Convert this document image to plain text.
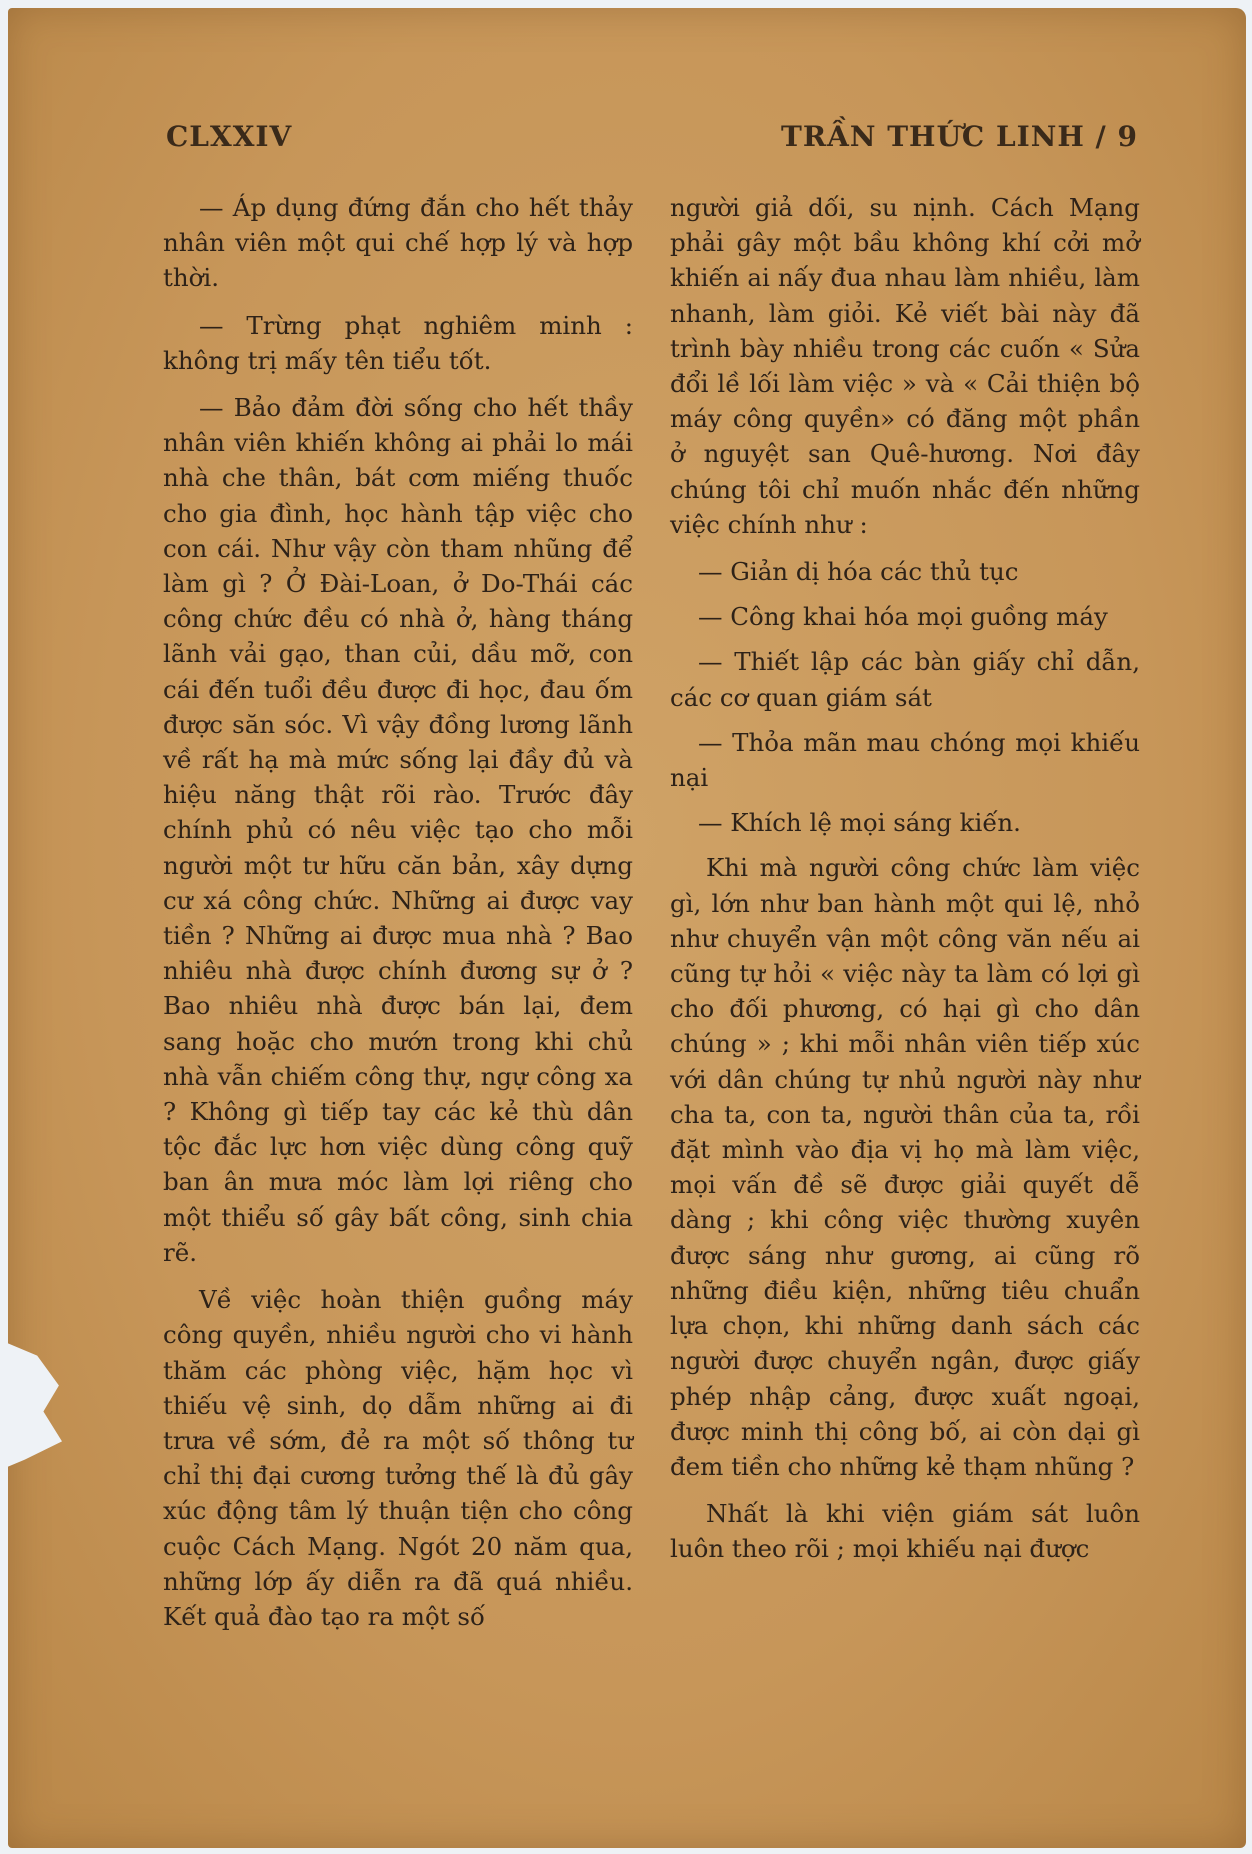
CLXXIV	TRẦN THỨC LINH / 9

— Áp dụng đứng đắn cho hết thảy nhân viên một qui chế hợp lý và hợp thời.

— Trừng phạt nghiêm minh : không trị mấy tên tiểu tốt.

— Bảo đảm đời sống cho hết thầy nhân viên khiến không ai phải lo mái nhà che thân, bát cơm miếng thuốc cho gia đình, học hành tập việc cho con cái. Như vậy còn tham nhũng để làm gì ? Ở Đài-Loan, ở Do-Thái các công chức đều có nhà ở, hàng tháng lãnh vải gạo, than củi, dầu mỡ, con cái đến tuổi đều được đi học, đau ốm được săn sóc. Vì vậy đồng lương lãnh về rất hạ mà mức sống lại đầy đủ và hiệu năng thật rõi rào. Trước đây chính phủ có nêu việc tạo cho mỗi người một tư hữu căn bản, xây dựng cư xá công chức. Những ai được vay tiền ? Những ai được mua nhà ? Bao nhiêu nhà được chính đương sự ở ? Bao nhiêu nhà được bán lại, đem sang hoặc cho mướn trong khi chủ nhà vẫn chiếm công thự, ngự công xa ? Không gì tiếp tay các kẻ thù dân tộc đắc lực hơn việc dùng công quỹ ban ân mưa móc làm lợi riêng cho một thiểu số gây bất công, sinh chia rẽ.

Về việc hoàn thiện guồng máy công quyền, nhiều người cho vi hành thăm các phòng việc, hặm học vì thiếu vệ sinh, dọ dẫm những ai đi trưa về sớm, đẻ ra một số thông tư chỉ thị đại cương tưởng thế là đủ gây xúc động tâm lý thuận tiện cho công cuộc Cách Mạng. Ngót 20 năm qua, những lớp ấy diễn ra đã quá nhiều. Kết quả đào tạo ra một số

người giả dối, su nịnh. Cách Mạng phải gây một bầu không khí cởi mở khiến ai nấy đua nhau làm nhiều, làm nhanh, làm giỏi. Kẻ viết bài này đã trình bày nhiều trong các cuốn « Sửa đổi lề lối làm việc » và « Cải thiện bộ máy công quyền» có đăng một phần ở nguyệt san Quê-hương. Nơi đây chúng tôi chỉ muốn nhắc đến những việc chính như :

— Giản dị hóa các thủ tục

— Công khai hóa mọi guồng máy

— Thiết lập các bàn giấy chỉ dẫn, các cơ quan giám sát

— Thỏa mãn mau chóng mọi khiếu nại

— Khích lệ mọi sáng kiến.

Khi mà người công chức làm việc gì, lớn như ban hành một qui lệ, nhỏ như chuyển vận một công văn nếu ai cũng tự hỏi « việc này ta làm có lợi gì cho đối phương, có hại gì cho dân chúng » ; khi mỗi nhân viên tiếp xúc với dân chúng tự nhủ người này như cha ta, con ta, người thân của ta, rồi đặt mình vào địa vị họ mà làm việc, mọi vấn đề sẽ được giải quyết dễ dàng ; khi công việc thường xuyên được sáng như gương, ai cũng rõ những điều kiện, những tiêu chuẩn lựa chọn, khi những danh sách các người được chuyển ngân, được giấy phép nhập cảng, được xuất ngoại, được minh thị công bố, ai còn dại gì đem tiền cho những kẻ thạm nhũng ?

Nhất là khi viện giám sát luôn luôn theo rõi ; mọi khiếu nại được
